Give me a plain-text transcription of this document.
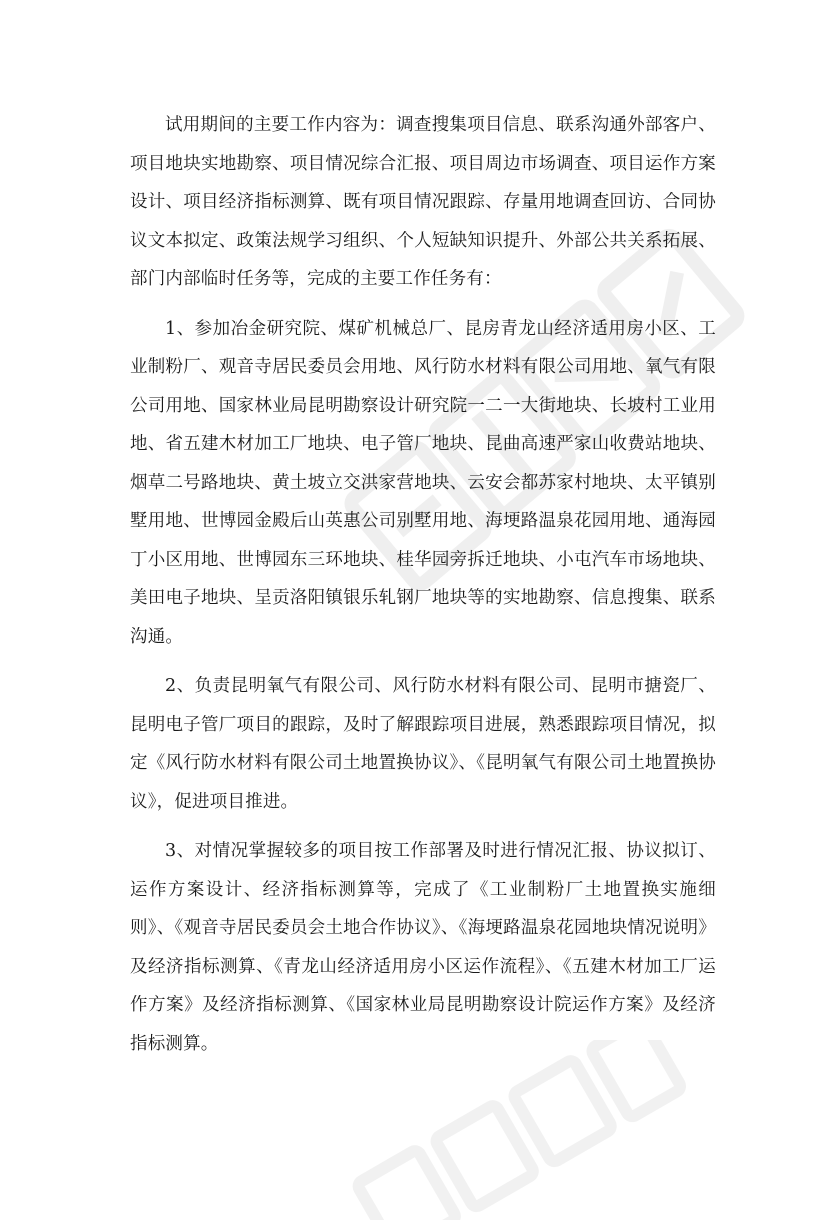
试用期间的主要工作内容为：调查搜集项目信息、联系沟通外部客户、项目地块实地勘察、项目情况综合汇报、项目周边市场调查、项目运作方案设计、项目经济指标测算、既有项目情况跟踪、存量用地调查回访、合同协议文本拟定、政策法规学习组织、个人短缺知识提升、外部公共关系拓展、部门内部临时任务等，完成的主要工作任务有：

1、参加冶金研究院、煤矿机械总厂、昆房青龙山经济适用房小区、工业制粉厂、观音寺居民委员会用地、风行防水材料有限公司用地、氧气有限公司用地、国家林业局昆明勘察设计研究院一二一大街地块、长坡村工业用地、省五建木材加工厂地块、电子管厂地块、昆曲高速严家山收费站地块、烟草二号路地块、黄土坡立交洪家营地块、云安会都苏家村地块、太平镇别墅用地、世博园金殿后山英惠公司别墅用地、海埂路温泉花园用地、通海园丁小区用地、世博园东三环地块、桂华园旁拆迁地块、小屯汽车市场地块、美田电子地块、呈贡洛阳镇银乐轧钢厂地块等的实地勘察、信息搜集、联系沟通。

2、负责昆明氧气有限公司、风行防水材料有限公司、昆明市搪瓷厂、昆明电子管厂项目的跟踪，及时了解跟踪项目进展，熟悉跟踪项目情况，拟定《风行防水材料有限公司土地置换协议》、《昆明氧气有限公司土地置换协议》，促进项目推进。

3、对情况掌握较多的项目按工作部署及时进行情况汇报、协议拟订、运作方案设计、经济指标测算等，完成了《工业制粉厂土地置换实施细则》、《观音寺居民委员会土地合作协议》、《海埂路温泉花园地块情况说明》及经济指标测算、《青龙山经济适用房小区运作流程》、《五建木材加工厂运作方案》及经济指标测算、《国家林业局昆明勘察设计院运作方案》及经济指标测算。
